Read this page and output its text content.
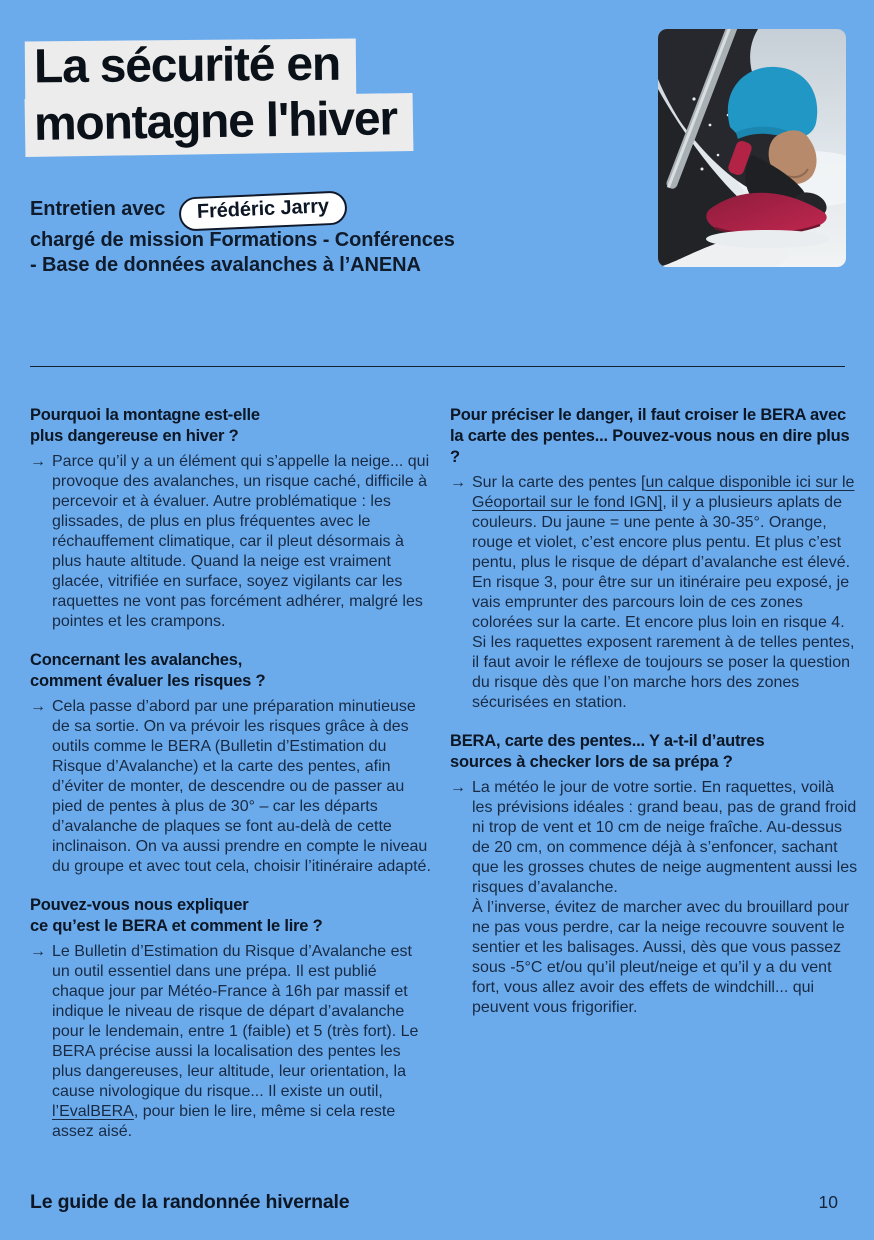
La sécurité en
montagne l'hiver

Entretien avec Frédéric Jarry
chargé de mission Formations - Conférences
- Base de données avalanches à l’ANENA

Pourquoi la montagne est-elle
plus dangereuse en hiver ?

→ Parce qu’il y a un élément qui s’appelle la neige... qui provoque des avalanches, un risque caché, difficile à percevoir et à évaluer. Autre problématique : les glissades, de plus en plus fréquentes avec le réchauffement climatique, car il pleut désormais à plus haute altitude. Quand la neige est vraiment glacée, vitrifiée en surface, soyez vigilants car les raquettes ne vont pas forcément adhérer, malgré les pointes et les crampons.

Concernant les avalanches,
comment évaluer les risques ?

→ Cela passe d’abord par une préparation minutieuse de sa sortie. On va prévoir les risques grâce à des outils comme le BERA (Bulletin d’Estimation du Risque d’Avalanche) et la carte des pentes, afin d’éviter de monter, de descendre ou de passer au pied de pentes à plus de 30° – car les départs d’avalanche de plaques se font au-delà de cette inclinaison. On va aussi prendre en compte le niveau du groupe et avec tout cela, choisir l’itinéraire adapté.

Pouvez-vous nous expliquer
ce qu’est le BERA et comment le lire ?

→ Le Bulletin d’Estimation du Risque d’Avalanche est un outil essentiel dans une prépa. Il est publié chaque jour par Météo-France à 16h par massif et indique le niveau de risque de départ d’avalanche pour le lendemain, entre 1 (faible) et 5 (très fort). Le BERA précise aussi la localisation des pentes les plus dangereuses, leur altitude, leur orientation, la cause nivologique du risque... Il existe un outil, l’EvalBERA, pour bien le lire, même si cela reste assez aisé.

Pour préciser le danger, il faut croiser le BERA avec
la carte des pentes... Pouvez-vous nous en dire plus ?

→ Sur la carte des pentes [un calque disponible ici sur le Géoportail sur le fond IGN], il y a plusieurs aplats de couleurs. Du jaune = une pente à 30-35°. Orange, rouge et violet, c’est encore plus pentu. Et plus c’est pentu, plus le risque de départ d’avalanche est élevé. En risque 3, pour être sur un itinéraire peu exposé, je vais emprunter des parcours loin de ces zones colorées sur la carte. Et encore plus loin en risque 4. Si les raquettes exposent rarement à de telles pentes, il faut avoir le réflexe de toujours se poser la question du risque dès que l’on marche hors des zones sécurisées en station.

BERA, carte des pentes... Y a-t-il d’autres
sources à checker lors de sa prépa ?

→ La météo le jour de votre sortie. En raquettes, voilà les prévisions idéales : grand beau, pas de grand froid ni trop de vent et 10 cm de neige fraîche. Au-dessus de 20 cm, on commence déjà à s’enfoncer, sachant que les grosses chutes de neige augmentent aussi les risques d’avalanche.
À l’inverse, évitez de marcher avec du brouillard pour ne pas vous perdre, car la neige recouvre souvent le sentier et les balisages. Aussi, dès que vous passez sous -5°C et/ou qu’il pleut/neige et qu’il y a du vent fort, vous allez avoir des effets de windchill... qui peuvent vous frigorifier.

Le guide de la randonnée hivernale	10
